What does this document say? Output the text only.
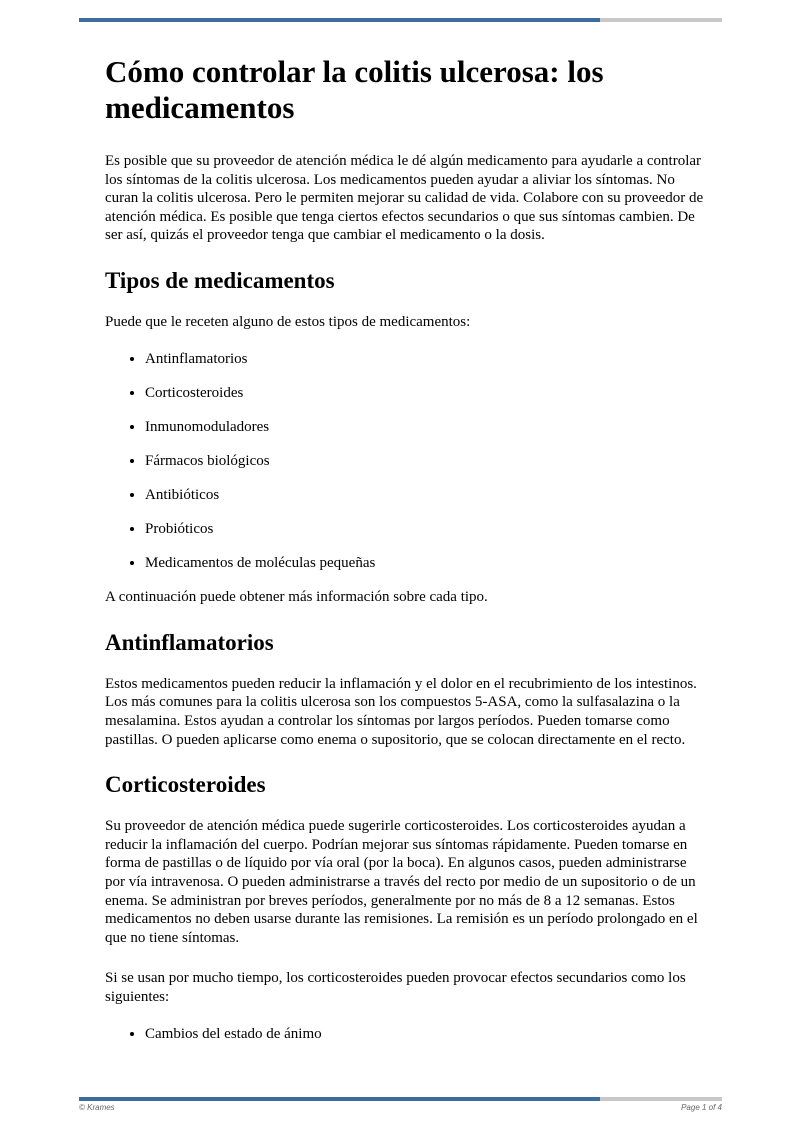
Cómo controlar la colitis ulcerosa: los medicamentos

Es posible que su proveedor de atención médica le dé algún medicamento para ayudarle a controlar los síntomas de la colitis ulcerosa. Los medicamentos pueden ayudar a aliviar los síntomas. No curan la colitis ulcerosa. Pero le permiten mejorar su calidad de vida. Colabore con su proveedor de atención médica. Es posible que tenga ciertos efectos secundarios o que sus síntomas cambien. De ser así, quizás el proveedor tenga que cambiar el medicamento o la dosis.

Tipos de medicamentos

Puede que le receten alguno de estos tipos de medicamentos:

• Antinflamatorios
• Corticosteroides
• Inmunomoduladores
• Fármacos biológicos
• Antibióticos
• Probióticos
• Medicamentos de moléculas pequeñas

A continuación puede obtener más información sobre cada tipo.

Antinflamatorios

Estos medicamentos pueden reducir la inflamación y el dolor en el recubrimiento de los intestinos. Los más comunes para la colitis ulcerosa son los compuestos 5-ASA, como la sulfasalazina o la mesalamina. Estos ayudan a controlar los síntomas por largos períodos. Pueden tomarse como pastillas. O pueden aplicarse como enema o supositorio, que se colocan directamente en el recto.

Corticosteroides

Su proveedor de atención médica puede sugerirle corticosteroides. Los corticosteroides ayudan a reducir la inflamación del cuerpo. Podrían mejorar sus síntomas rápidamente. Pueden tomarse en forma de pastillas o de líquido por vía oral (por la boca). En algunos casos, pueden administrarse por vía intravenosa. O pueden administrarse a través del recto por medio de un supositorio o de un enema. Se administran por breves períodos, generalmente por no más de 8 a 12 semanas. Estos medicamentos no deben usarse durante las remisiones. La remisión es un período prolongado en el que no tiene síntomas.

Si se usan por mucho tiempo, los corticosteroides pueden provocar efectos secundarios como los siguientes:

• Cambios del estado de ánimo
© Krames	Page 1 of 4
